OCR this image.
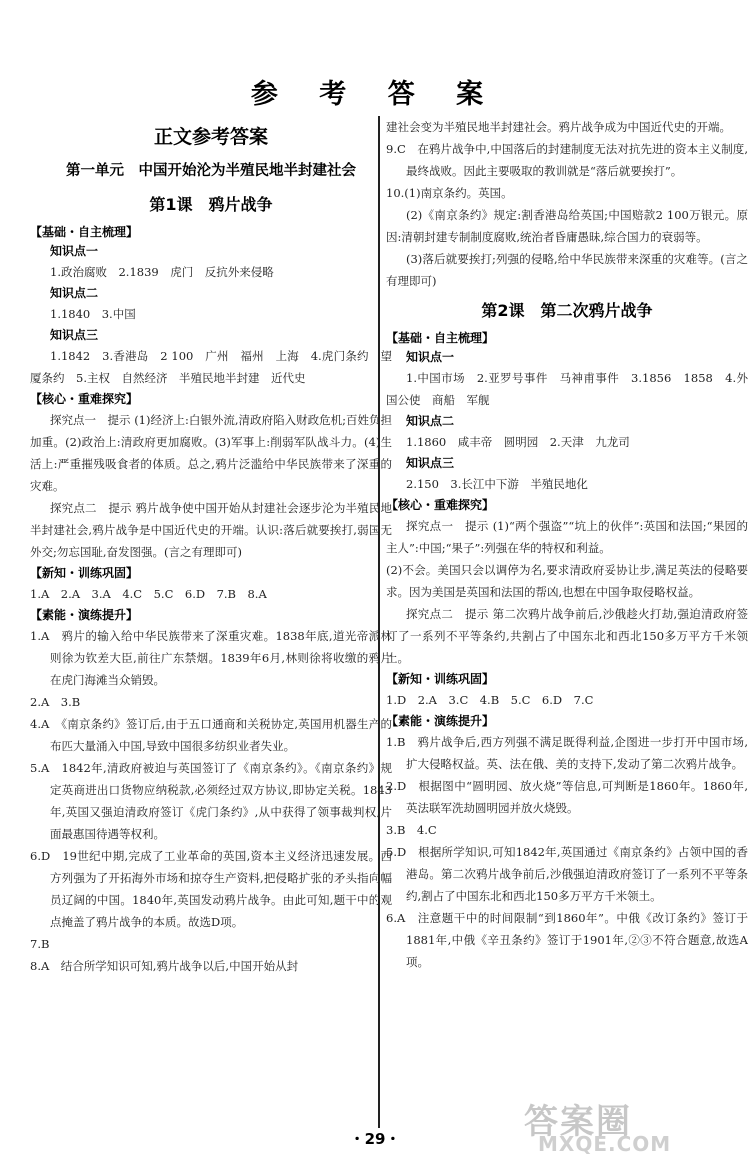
参 考 答 案
正文参考答案
第一单元　中国开始沦为半殖民地半封建社会
第1课　鸦片战争
【基础・自主梳理】
知识点一

1.政治腐败　2.1839　虎门　反抗外来侵略

知识点二

1.1840　3.中国

知识点三

1.1842　3.香港岛　2 100　广州　福州　上海　4.虎门条约　望厦条约　5.主权　自然经济　半殖民地半封建　近代史

【核心・重难探究】

探究点一　提示 (1)经济上:白银外流,清政府陷入财政危机;百姓负担加重。(2)政治上:清政府更加腐败。(3)军事上:削弱军队战斗力。(4)生活上:严重摧残吸食者的体质。总之,鸦片泛滥给中华民族带来了深重的灾难。

探究点二　提示 鸦片战争使中国开始从封建社会逐步沦为半殖民地半封建社会,鸦片战争是中国近代史的开端。认识:落后就要挨打,弱国无外交;勿忘国耻,奋发图强。(言之有理即可)

【新知・训练巩固】

1.A　2.A　3.A　4.C　5.C　6.D　7.B　8.A

【素能・演练提升】

1.A　鸦片的输入给中华民族带来了深重灾难。1838年底,道光帝派林则徐为钦差大臣,前往广东禁烟。1839年6月,林则徐将收缴的鸦片在虎门海滩当众销毁。

2.A　3.B

4.A　《南京条约》签订后,由于五口通商和关税协定,英国用机器生产的布匹大量涌入中国,导致中国很多纺织业者失业。

5.A　1842年,清政府被迫与英国签订了《南京条约》。《南京条约》规定英商进出口货物应纳税款,必须经过双方协议,即协定关税。1843年,英国又强迫清政府签订《虎门条约》,从中获得了领事裁判权,片面最惠国待遇等权利。

6.D　19世纪中期,完成了工业革命的英国,资本主义经济迅速发展。西方列强为了开拓海外市场和掠夺生产资料,把侵略扩张的矛头指向幅员辽阔的中国。1840年,英国发动鸦片战争。由此可知,题干中的观点掩盖了鸦片战争的本质。故选D项。

7.B

8.A　结合所学知识可知,鸦片战争以后,中国开始从封

建社会变为半殖民地半封建社会。鸦片战争成为中国近代史的开端。

9.C　在鸦片战争中,中国落后的封建制度无法对抗先进的资本主义制度,最终战败。因此主要吸取的教训就是“落后就要挨打”。

10.(1)南京条约。英国。

(2)《南京条约》规定:割香港岛给英国;中国赔款2 100万银元。原因:清朝封建专制制度腐败,统治者昏庸愚昧,综合国力的衰弱等。

(3)落后就要挨打;列强的侵略,给中华民族带来深重的灾难等。(言之有理即可)

第2课　第二次鸦片战争
【基础・自主梳理】
知识点一

1.中国市场　2.亚罗号事件　马神甫事件　3.1856　1858　4.外国公使　商船　军舰

知识点二

1.1860　咸丰帝　圆明园　2.天津　九龙司

知识点三

2.150　3.长江中下游　半殖民地化

【核心・重难探究】

探究点一　提示 (1)“两个强盗”“坑上的伙伴”:英国和法国;“果园的主人”:中国;“果子”:列强在华的特权和利益。

(2)不会。美国只会以调停为名,要求清政府妥协让步,满足英法的侵略要求。因为美国是英国和法国的帮凶,也想在中国争取侵略权益。

探究点二　提示 第二次鸦片战争前后,沙俄趁火打劫,强迫清政府签订了一系列不平等条约,共割占了中国东北和西北150多万平方千米领土。

【新知・训练巩固】

1.D　2.A　3.C　4.B　5.C　6.D　7.C

【素能・演练提升】

1.B　鸦片战争后,西方列强不满足既得利益,企图进一步打开中国市场,扩大侵略权益。英、法在俄、美的支持下,发动了第二次鸦片战争。

2.D　根据图中“圆明园、放火烧”等信息,可判断是1860年。1860年,英法联军洗劫圆明园并放火烧毁。

3.B　4.C

5.D　根据所学知识,可知1842年,英国通过《南京条约》占领中国的香港岛。第二次鸦片战争前后,沙俄强迫清政府签订了一系列不平等条约,割占了中国东北和西北150多万平方千米领土。

6.A　注意题干中的时间限制“到1860年”。中俄《改订条约》签订于1881年,中俄《辛丑条约》签订于1901年,②③不符合题意,故选A项。

・29・	答案圈
MXQE.COM
